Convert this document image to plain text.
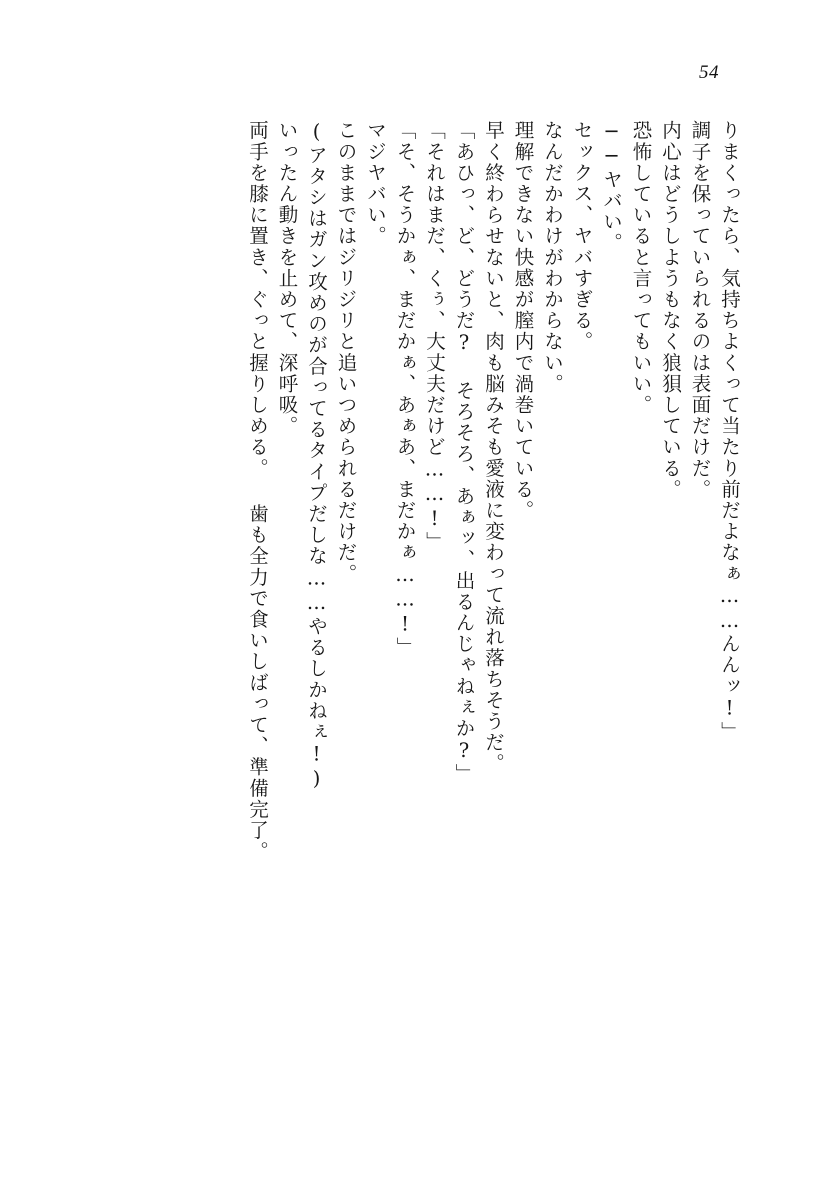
54
りまくったら、気持ちよくって当たり前だよなぁ……んんッ!」
調子を保っていられるのは表面だけだ。
内心はどうしようもなく狼狽している。
恐怖していると言ってもいい。
──ヤバい。
セックス、ヤバすぎる。
なんだかわけがわからない。
理解できない快感が膣内で渦巻いている。
早く終わらせないと、肉も脳みそも愛液に変わって流れ落ちそうだ。
「あひっ、ど、どうだ? そろそろ、あぁッ、出るんじゃねぇか?」
「それはまだ、くぅ、大丈夫だけど……!」
「そ、そうかぁ、まだかぁ、あぁあ、まだかぁ……!」
マジヤバい。
このままではジリジリと追いつめられるだけだ。
(アタシはガン攻めのが合ってるタイプだしな……やるしかねぇ!)
いったん動きを止めて、深呼吸。
両手を膝に置き、ぐっと握りしめる。 歯も全力で食いしばって、準備完了。
